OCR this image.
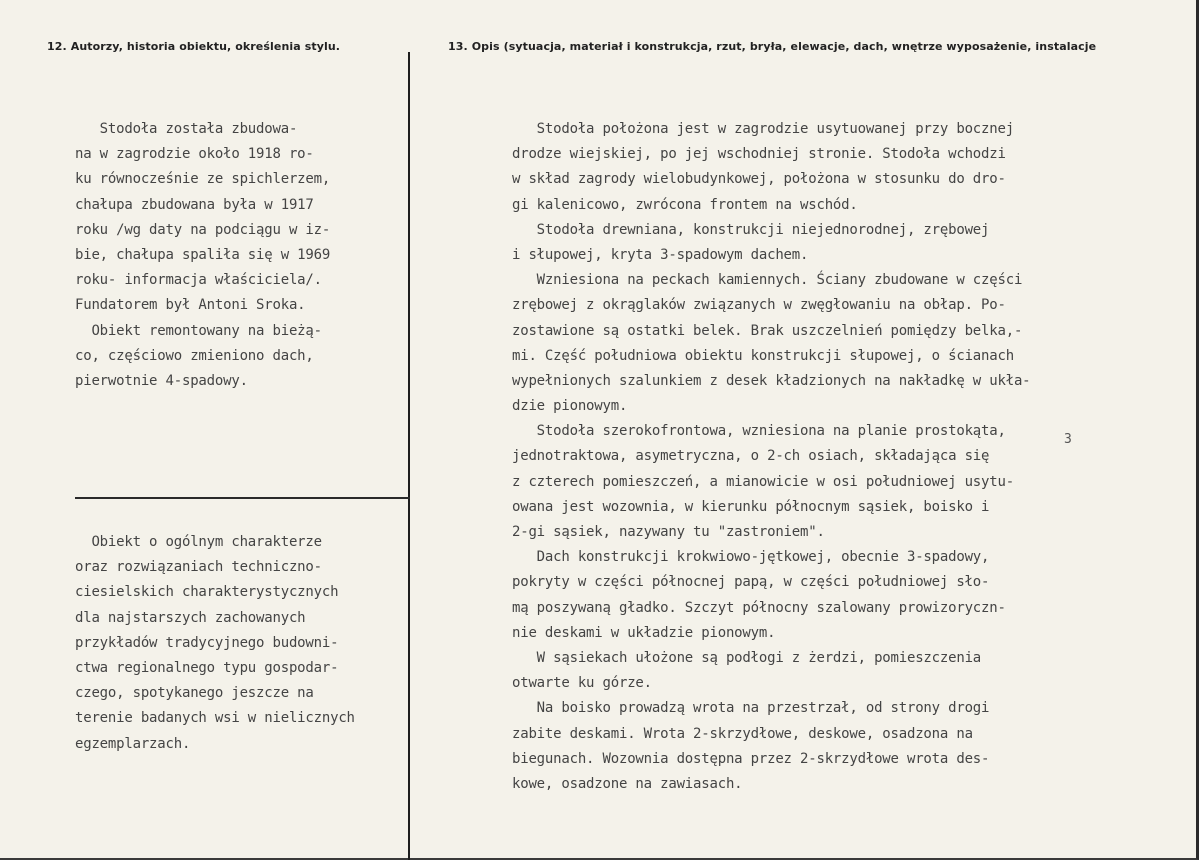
12. Autorzy, historia obiektu, określenia stylu.	13. Opis (sytuacja, materiał i konstrukcja, rzut, bryła, elewacje, dach, wnętrze wyposażenie, instalacje
Stodoła została zbudowa-
na w zagrodzie około 1918 ro-
ku równocześnie ze spichlerzem,
chałupa zbudowana była w 1917
roku /wg daty na podciągu w iz-
bie, chałupa spaliła się w 1969
roku- informacja właściciela/.
Fundatorem był Antoni Sroka.
Obiekt remontowany na bieżą-
co, częściowo zmieniono dach,
pierwotnie 4-spadowy.
Obiekt o ogólnym charakterze
oraz rozwiązaniach techniczno-
ciesielskich charakterystycznych
dla najstarszych zachowanych
przykładów tradycyjnego budowni-
ctwa regionalnego typu gospodar-
czego, spotykanego jeszcze na
terenie badanych wsi w nielicznych
egzemplarzach.
Stodoła położona jest w zagrodzie usytuowanej przy bocznej
drodze wiejskiej, po jej wschodniej stronie. Stodoła wchodzi
w skład zagrody wielobudynkowej, położona w stosunku do dro-
gi kalenicowo, zwrócona frontem na wschód.
Stodoła drewniana, konstrukcji niejednorodnej, zrębowej
i słupowej, kryta 3-spadowym dachem.
Wzniesiona na peckach kamiennych. Ściany zbudowane w części
zrębowej z okrąglaków związanych w zwęgłowaniu na obłap. Po-
zostawione są ostatki belek. Brak uszczelnień pomiędzy belka,-
mi. Część południowa obiektu konstrukcji słupowej, o ścianach
wypełnionych szalunkiem z desek kładzionych na nakładkę w ukła-
dzie pionowym.
Stodoła szerokofrontowa, wzniesiona na planie prostokąta,
jednotraktowa, asymetryczna, o 2-ch osiach, składająca się
z czterech pomieszczeń, a mianowicie w osi południowej usytu-
owana jest wozownia, w kierunku północnym sąsiek, boisko i
2-gi sąsiek, nazywany tu "zastroniem".
Dach konstrukcji krokwiowo-jętkowej, obecnie 3-spadowy,
pokryty w części północnej papą, w części południowej sło-
mą poszywaną gładko. Szczyt północny szalowany prowizoryczn-
nie deskami w układzie pionowym.
W sąsiekach ułożone są podłogi z żerdzi, pomieszczenia
otwarte ku górze.
Na boisko prowadzą wrota na przestrzał, od strony drogi
zabite deskami. Wrota 2-skrzydłowe, deskowe, osadzona na
biegunach. Wozownia dostępna przez 2-skrzydłowe wrota des-
kowe, osadzone na zawiasach.
3
